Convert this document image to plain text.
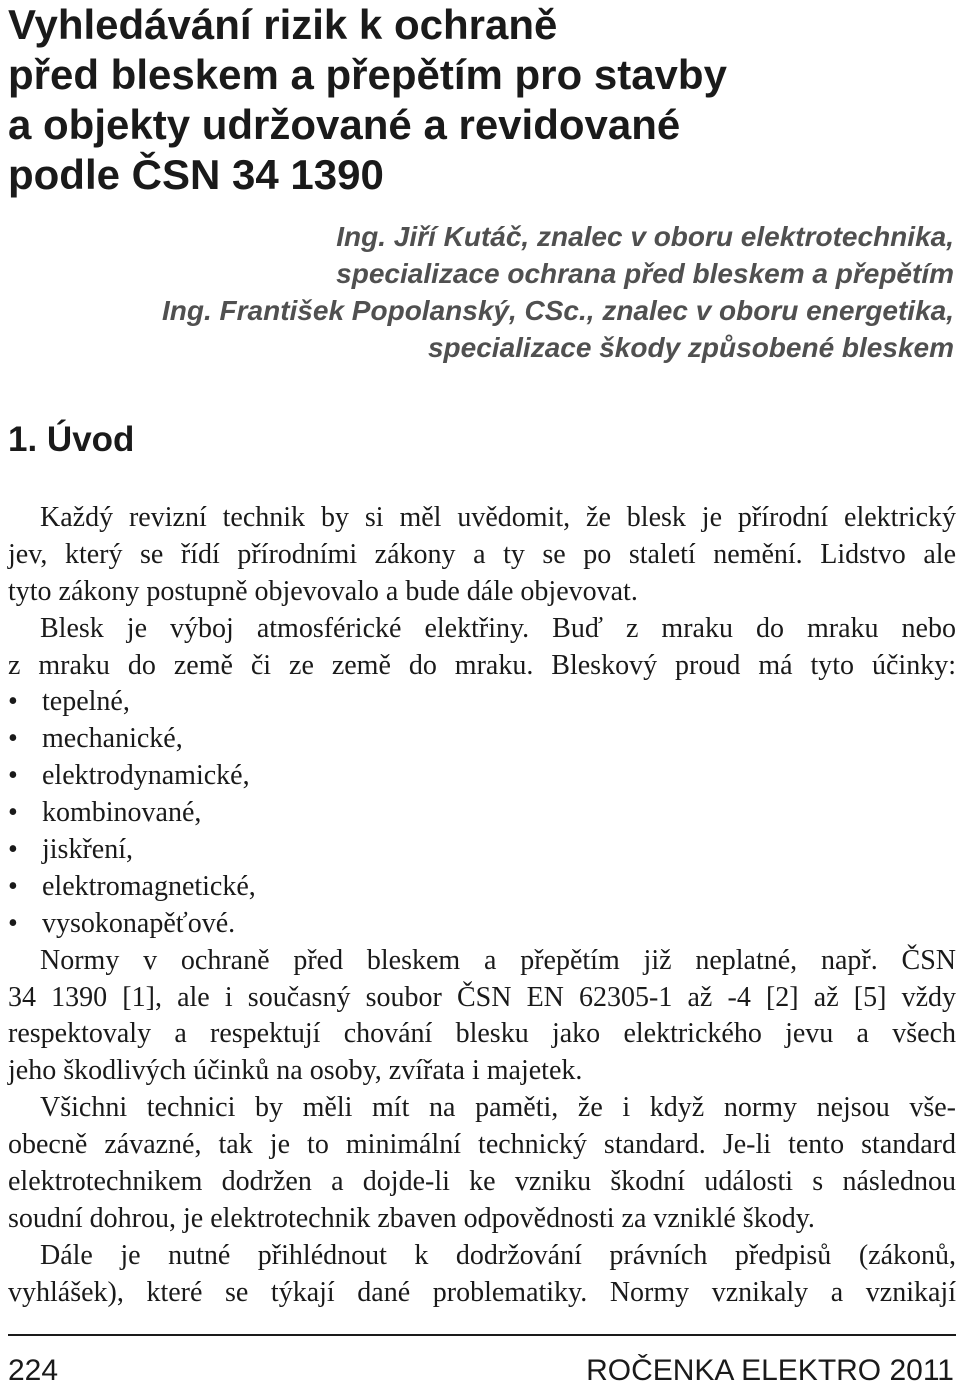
Vyhledávání rizik k ochraně
před bleskem a přepětím pro stavby
a objekty udržované a revidované
podle ČSN 34 1390
Ing. Jiří Kutáč, znalec v oboru elektrotechnika,
specializace ochrana před bleskem a přepětím
Ing. František Popolanský, CSc., znalec v oboru energetika,
specializace škody způsobené bleskem
1. Úvod
Každý revizní technik by si měl uvědomit, že blesk je přírodní elektrický
jev, který se řídí přírodními zákony a ty se po staletí nemění. Lidstvo ale
tyto zákony postupně objevovalo a bude dále objevovat.
Blesk je výboj atmosférické elektřiny. Buď z mraku do mraku nebo
z mraku do země či ze země do mraku. Bleskový proud má tyto účinky:
• tepelné,
• mechanické,
• elektrodynamické,
• kombinované,
• jiskření,
• elektromagnetické,
• vysokonapěťové.
Normy v ochraně před bleskem a přepětím již neplatné, např. ČSN
34 1390 [1], ale i současný soubor ČSN EN 62305-1 až -4 [2] až [5] vždy
respektovaly a respektují chování blesku jako elektrického jevu a všech
jeho škodlivých účinků na osoby, zvířata i majetek.
Všichni technici by měli mít na paměti, že i když normy nejsou vše-
obecně závazné, tak je to minimální technický standard. Je-li tento standard
elektrotechnikem dodržen a dojde-li ke vzniku škodní události s následnou
soudní dohrou, je elektrotechnik zbaven odpovědnosti za vzniklé škody.
Dále je nutné přihlédnout k dodržování právních předpisů (zákonů,
vyhlášek), které se týkají dané problematiky. Normy vznikaly a vznikají
224	ROČENKA ELEKTRO 2011
